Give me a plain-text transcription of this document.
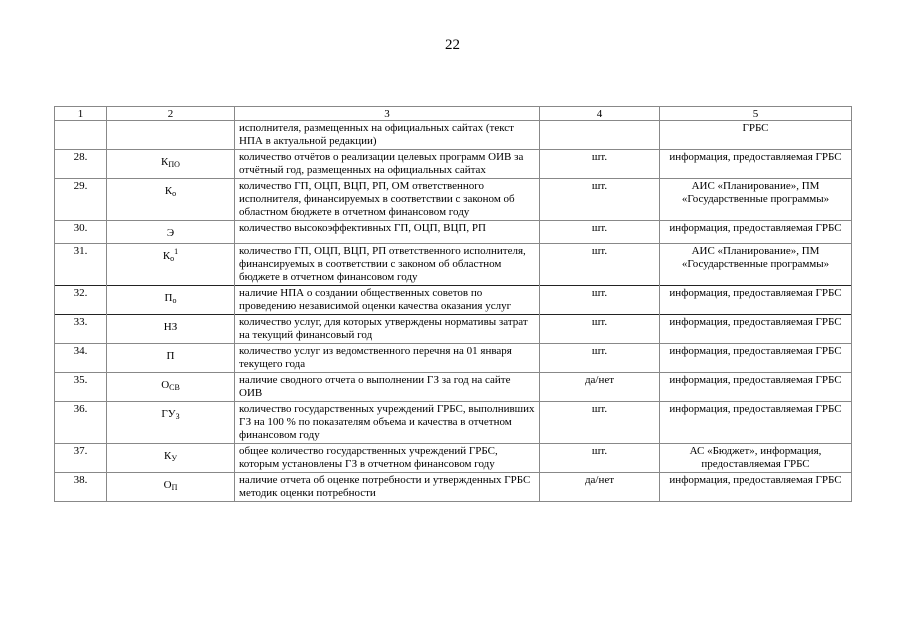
22
1	2	3	4	5
		исполнителя, размещенных на официальных сайтах (текст НПА в актуальной редакции)		ГРБС
28.	КПО	количество отчётов о реализации целевых программ ОИВ за отчётный год, размещенных на официальных сайтах	шт.	информация, предоставляемая ГРБС
29.	Ко	количество ГП, ОЦП, ВЦП, РП, ОМ ответственного исполнителя, финансируемых в соответствии с законом об областном бюджете в отчетном финансовом году	шт.	АИС «Планирование», ПМ «Государственные программы»
30.	Э	количество высокоэффективных ГП, ОЦП, ВЦП, РП	шт.	информация, предоставляемая ГРБС
31.	$Ко^1$	количество ГП, ОЦП, ВЦП, РП ответственного исполнителя, финансируемых в соответствии с законом об областном бюджете в отчетном финансовом году	шт.	АИС «Планирование», ПМ «Государственные программы»
32.	По	наличие НПА о создании общественных советов по проведению независимой оценки качества оказания услуг	шт.	информация, предоставляемая ГРБС
33.	НЗ	количество услуг, для которых утверждены нормативы затрат на текущий финансовый год	шт.	информация, предоставляемая ГРБС
34.	П	количество услуг из ведомственного перечня на 01 января текущего года	шт.	информация, предоставляемая ГРБС
35.	ОСВ	наличие сводного отчета о выполнении ГЗ за год на сайте ОИВ	да/нет	информация, предоставляемая ГРБС
36.	ГУЗ	количество государственных учреждений ГРБС, выполнивших ГЗ на 100 % по показателям объема и качества в отчетном финансовом году	шт.	информация, предоставляемая ГРБС
37.	КУ	общее количество государственных учреждений ГРБС, которым установлены ГЗ в отчетном финансовом году	шт.	АС «Бюджет», информация, предоставляемая ГРБС
38.	ОП	наличие отчета об оценке потребности и утвержденных ГРБС методик оценки потребности	да/нет	информация, предоставляемая ГРБС
